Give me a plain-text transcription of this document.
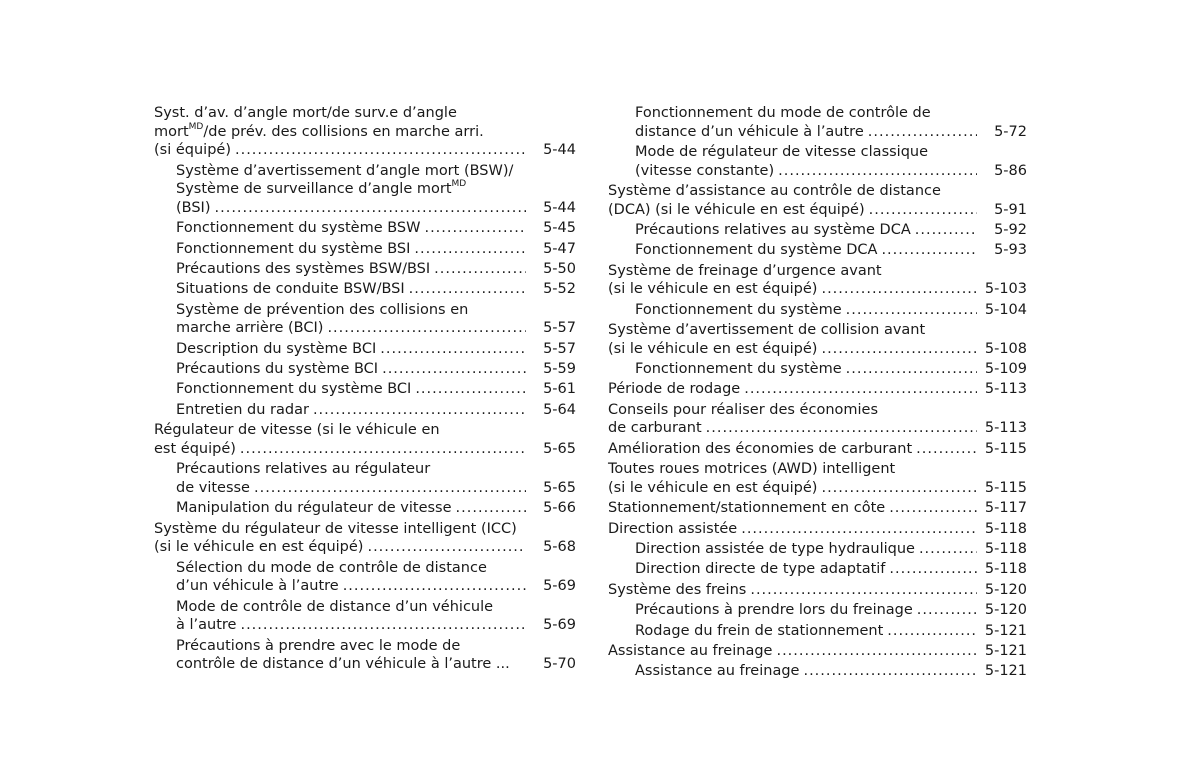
Syst. d’av. d’angle mort/de surv.e d’angle
mort$^{MD}$/de prév. des collisions en marche arri.
(si équipé) .....	5-44
Système d’avertissement d’angle mort (BSW)/
Système de surveillance d’angle mort$^{MD}$
(BSI) .....	5-44
Fonctionnement du système BSW .....	5-45
Fonctionnement du système BSI .....	5-47
Précautions des systèmes BSW/BSI .....	5-50
Situations de conduite BSW/BSI .....	5-52
Système de prévention des collisions en
marche arrière (BCI) .....	5-57
Description du système BCI .....	5-57
Précautions du système BCI .....	5-59
Fonctionnement du système BCI .....	5-61
Entretien du radar .....	5-64
Régulateur de vitesse (si le véhicule en
est équipé) .....	5-65
Précautions relatives au régulateur
de vitesse .....	5-65
Manipulation du régulateur de vitesse .....	5-66
Système du régulateur de vitesse intelligent (ICC)
(si le véhicule en est équipé) .....	5-68
Sélection du mode de contrôle de distance
d’un véhicule à l’autre .....	5-69
Mode de contrôle de distance d’un véhicule
à l’autre .....	5-69
Précautions à prendre avec le mode de
contrôle de distance d’un véhicule à l’autre ...	5-70
Fonctionnement du mode de contrôle de
distance d’un véhicule à l’autre .....	5-72
Mode de régulateur de vitesse classique
(vitesse constante) .....	5-86
Système d’assistance au contrôle de distance
(DCA) (si le véhicule en est équipé) .....	5-91
Précautions relatives au système DCA .....	5-92
Fonctionnement du système DCA .....	5-93
Système de freinage d’urgence avant
(si le véhicule en est équipé) .....	5-103
Fonctionnement du système .....	5-104
Système d’avertissement de collision avant
(si le véhicule en est équipé) .....	5-108
Fonctionnement du système .....	5-109
Période de rodage .....	5-113
Conseils pour réaliser des économies
de carburant .....	5-113
Amélioration des économies de carburant .....	5-115
Toutes roues motrices (AWD) intelligent
(si le véhicule en est équipé) .....	5-115
Stationnement/stationnement en côte .....	5-117
Direction assistée .....	5-118
Direction assistée de type hydraulique .....	5-118
Direction directe de type adaptatif .....	5-118
Système des freins .....	5-120
Précautions à prendre lors du freinage .....	5-120
Rodage du frein de stationnement .....	5-121
Assistance au freinage .....	5-121
Assistance au freinage .....	5-121
